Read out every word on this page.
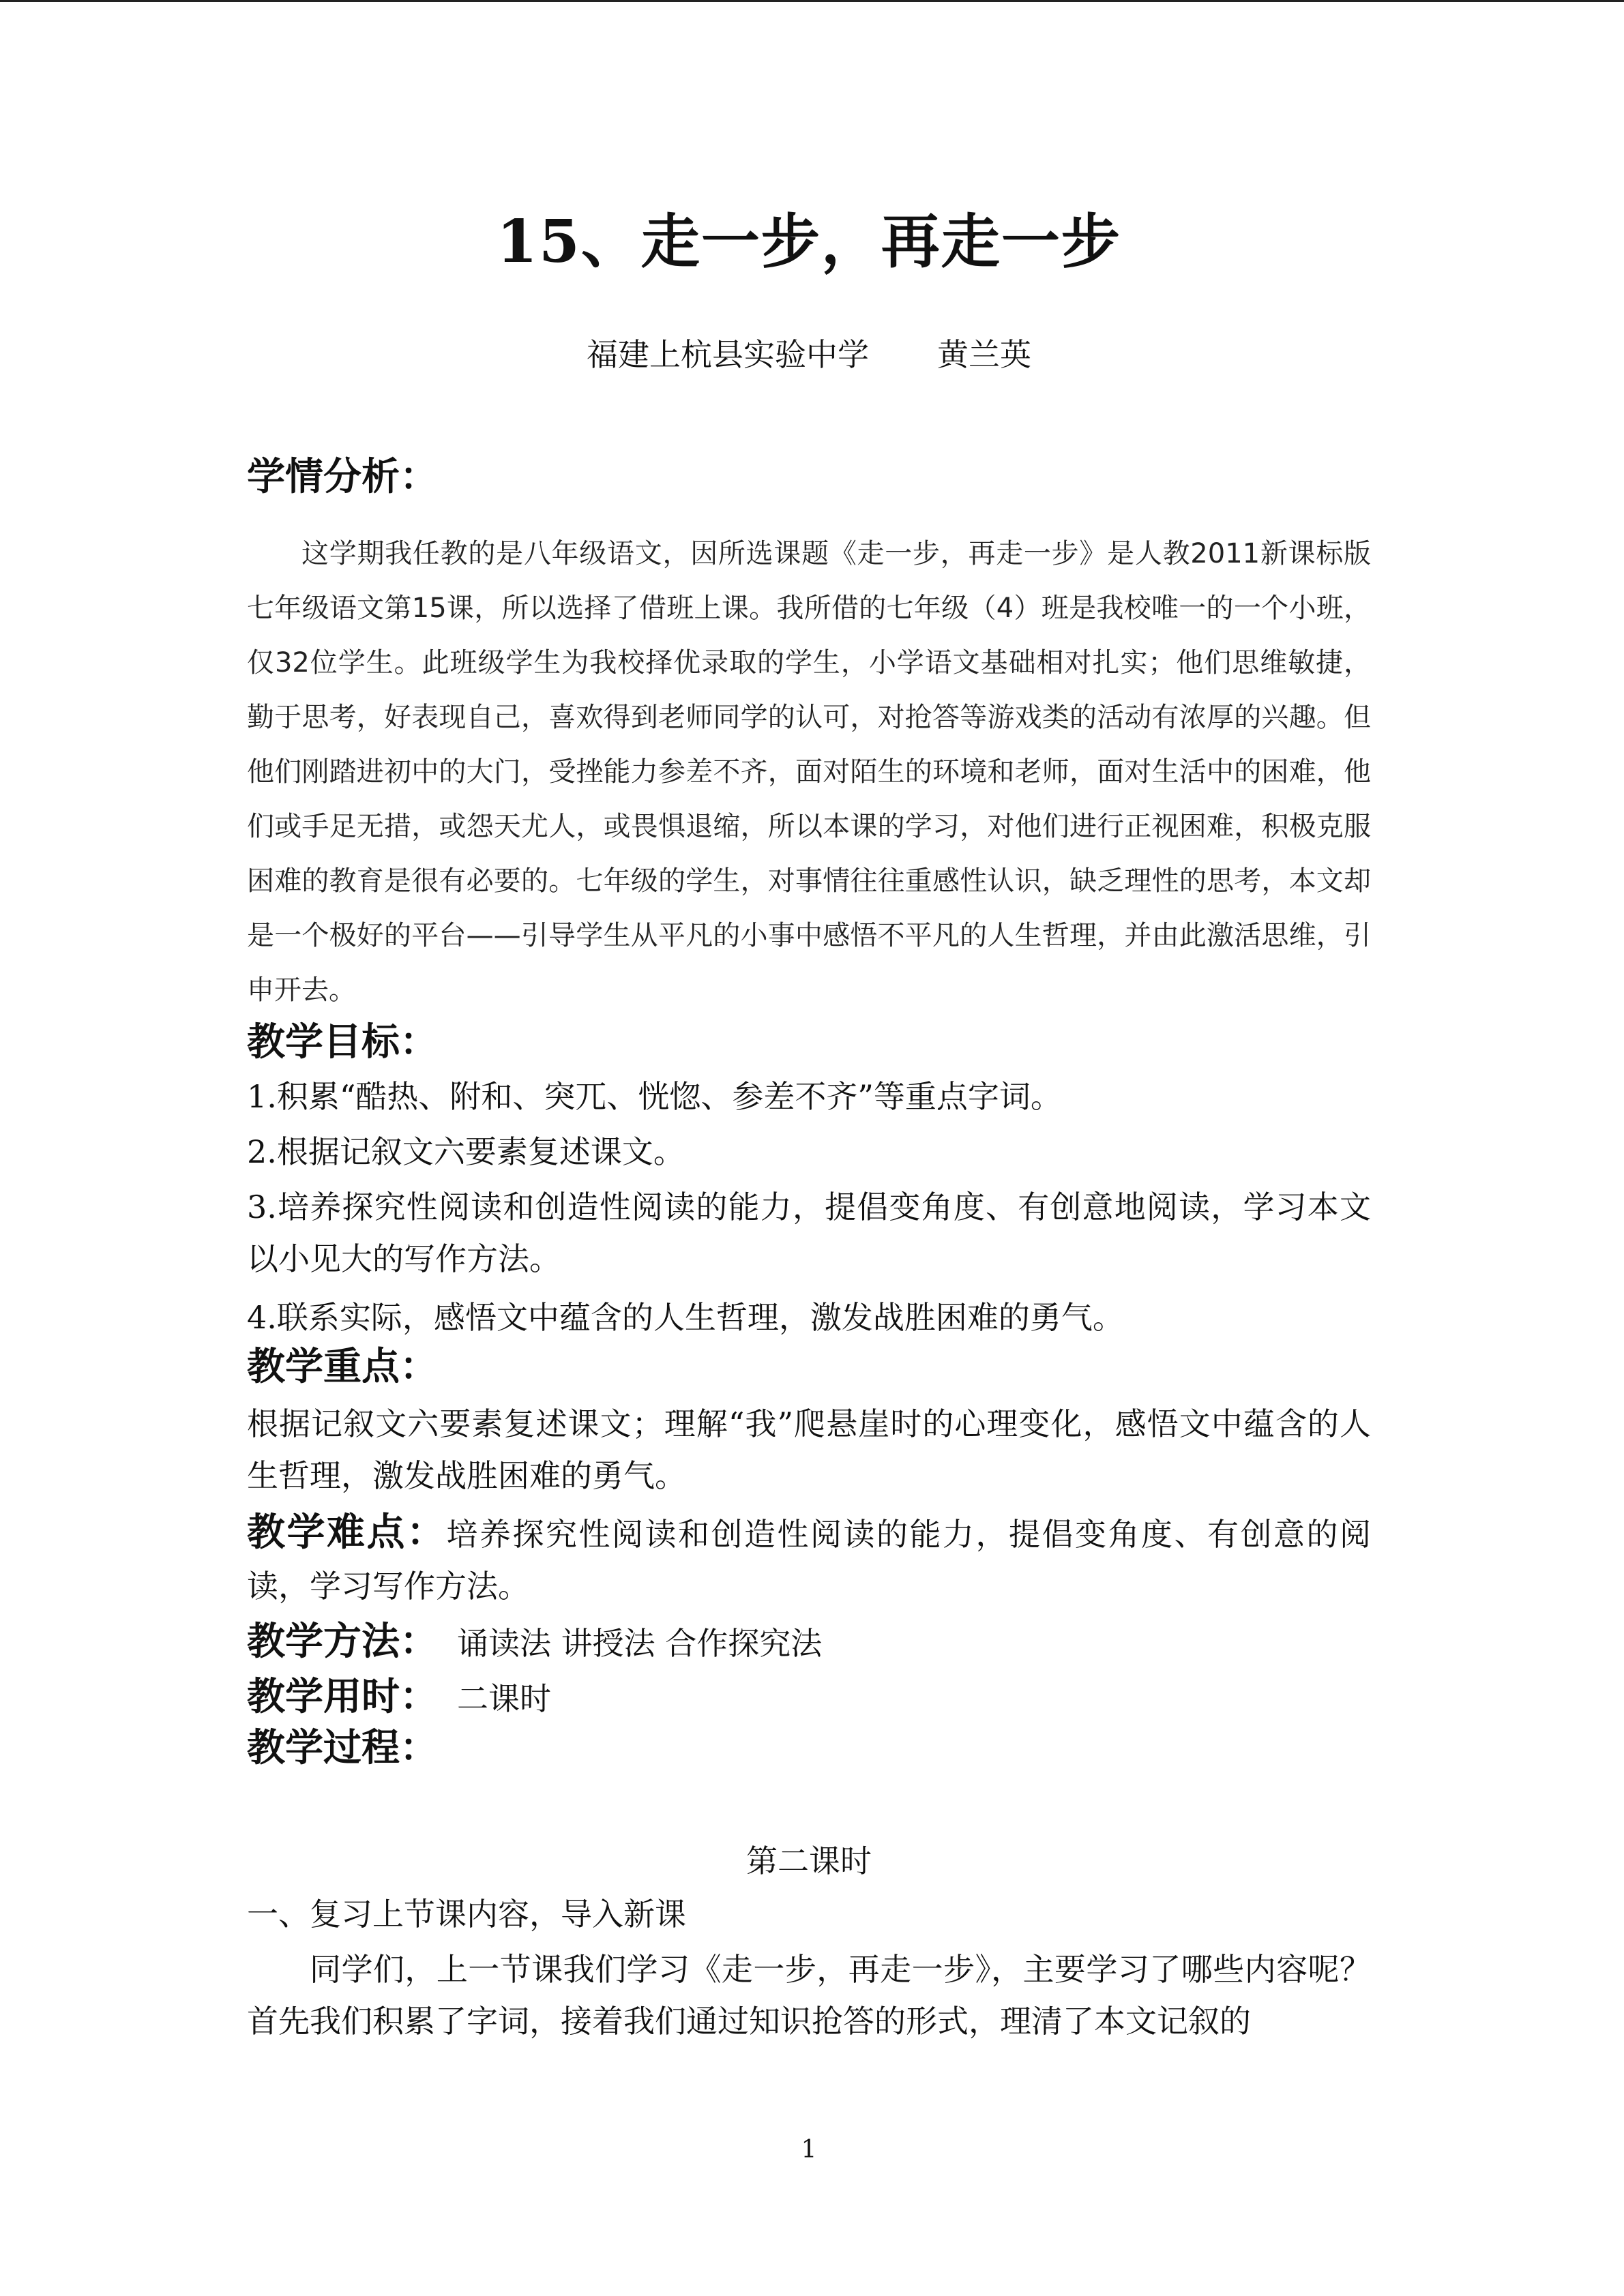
15、走一步，再走一步
福建上杭县实验中学 黄兰英
学情分析：
这学期我任教的是八年级语文，因所选课题《走一步，再走一步》是人教2011新课标版七年级语文第15课，所以选择了借班上课。我所借的七年级（4）班是我校唯一的一个小班，仅32位学生。此班级学生为我校择优录取的学生，小学语文基础相对扎实；他们思维敏捷，勤于思考，好表现自己，喜欢得到老师同学的认可，对抢答等游戏类的活动有浓厚的兴趣。但他们刚踏进初中的大门，受挫能力参差不齐，面对陌生的环境和老师，面对生活中的困难，他们或手足无措，或怨天尤人，或畏惧退缩，所以本课的学习，对他们进行正视困难，积极克服困难的教育是很有必要的。七年级的学生，对事情往往重感性认识，缺乏理性的思考，本文却是一个极好的平台——引导学生从平凡的小事中感悟不平凡的人生哲理，并由此激活思维，引申开去。
教学目标：
1.积累“酷热、附和、突兀、恍惚、参差不齐”等重点字词。
2.根据记叙文六要素复述课文。
3.培养探究性阅读和创造性阅读的能力，提倡变角度、有创意地阅读，学习本文以小见大的写作方法。
4.联系实际，感悟文中蕴含的人生哲理，激发战胜困难的勇气。
教学重点：
根据记叙文六要素复述课文；理解“我”爬悬崖时的心理变化，感悟文中蕴含的人生哲理，激发战胜困难的勇气。
教学难点：培养探究性阅读和创造性阅读的能力，提倡变角度、有创意的阅读，学习写作方法。
教学方法： 诵读法 讲授法 合作探究法
教学用时： 二课时
教学过程：
第二课时
一、复习上节课内容，导入新课
同学们，上一节课我们学习《走一步，再走一步》，主要学习了哪些内容呢？首先我们积累了字词，接着我们通过知识抢答的形式，理清了本文记叙的
1
